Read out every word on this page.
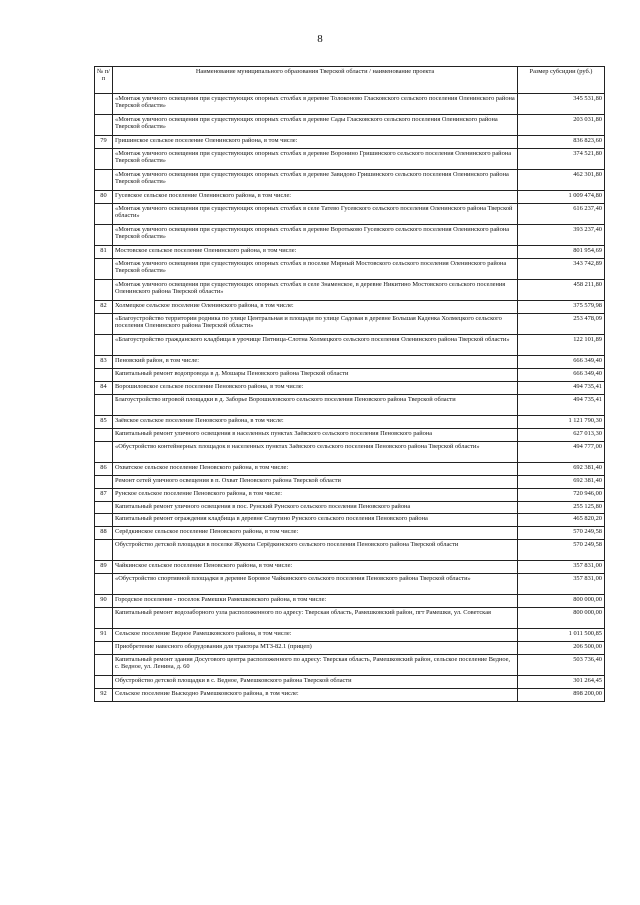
8
№ п/п	Наименование муниципального образования Тверской области / наименование проекта	Размер субсидии (руб.)
	«Монтаж уличного освещения при существующих опорных столбах в деревне Толоконово Гласковского сельского поселения Оленинского района Тверской области»	345 531,80
	«Монтаж уличного освещения при существующих опорных столбах в деревне Сады Гласковского сельского поселения Оленинского района Тверской области»	203 031,80
79	Гришинское сельское поселение Оленинского района, в том числе:	836 823,60
	«Монтаж уличного освещения при существующих опорных столбах в деревне Воронино Гришинского сельского поселения Оленинского района Тверской области»	374 521,80
	«Монтаж уличного освещения при существующих опорных столбах в деревне Завидово Гришинского сельского поселения Оленинского района Тверской области»	462 301,80
80	Гусевское сельское поселение Оленинского района, в том числе:	1 009 474,80
	«Монтаж уличного освещения при существующих опорных столбах в селе Татево Гусевского сельского поселения Оленинского района Тверской области»	616 237,40
	«Монтаж уличного освещения при существующих опорных столбах в деревне Воротьково Гусевского сельского поселения Оленинского района Тверской области»	393 237,40
81	Мостовское сельское поселение Оленинского района, в том числе:	801 954,69
	«Монтаж уличного освещения при существующих опорных столбах в поселке Мирный Мостовского сельского поселения Оленинского района Тверской области»	343 742,89
	«Монтаж уличного освещения при существующих опорных столбах в селе Знаменское, в деревне Никитино Мостовского сельского поселения Оленинского района Тверской области»	458 211,80
82	Холмецкое сельское поселение Оленинского района, в том числе:	375 579,98
	«Благоустройство территории родника по улице Центральная и площади по улице Садовая в деревне Большая Каденка Холмецкого сельского поселения Оленинского района Тверской области»	253 478,09
	«Благоустройство гражданского кладбища в урочище Пятница-Слотна Холмецкого сельского поселения Оленинского района Тверской области»	122 101,89
83	Пеновский район, в том числе:	666 349,40
	Капитальный ремонт водопровода в д. Мошары Пеновского района Тверской области	666 349,40
84	Ворошиловское сельское поселение Пеновского района, в том числе:	494 735,41
	Благоустройство игровой площадки в д. Заборье Ворошиловского сельского поселения Пеновского района Тверской области	494 735,41
85	Заёвское сельское поселение Пеновского района, в том числе:	1 121 790,30
	Капитальный ремонт уличного освещения в населенных пунктах Заёвского сельского поселения Пеновского района	627 013,30
	«Обустройство контейнерных площадок в населенных пунктах Заёвского сельского поселения Пеновского района Тверской области»	494 777,00
86	Охватское сельское поселение Пеновского района, в том числе:	692 381,40
	Ремонт сетей уличного освещения в п. Охват Пеновского района Тверской области	692 381,40
87	Рунское сельское поселение Пеновского района, в том числе:	720 946,00
	Капитальный ремонт уличного освещения в пос. Рунский Рунского сельского поселения Пеновского района	255 125,80
	Капитальный ремонт ограждения кладбища в деревне Слаутино Рунского сельского поселения Пеновского района	465 820,20
88	Серёдкинское сельское поселение Пеновского района, в том числе:	570 249,58
	Обустройство детской площадки в поселке Жукопа Серёдкинского сельского поселения Пеновского района Тверской области	570 249,58
89	Чайкинское сельское поселение Пеновского района, в том числе:	357 831,00
	«Обустройство спортивной площадки в деревне Боровое Чайкинского сельского поселения Пеновского района Тверской области»	357 831,00
90	Городское поселение - поселок Рамешки Рамешковского района, в том числе:	800 000,00
	Капитальный ремонт водозаборного узла расположенного по адресу: Тверская область, Рамешковский район, пгт Рамешки, ул. Советская	800 000,00
91	Сельское поселение Ведное Рамешковского района, в том числе:	1 011 500,85
	Приобретение навесного оборудования для трактора МТЗ-82.1 (прицеп)	206 500,00
	Капитальный ремонт здания Досугового центра расположенного по адресу: Тверская область, Рамешковский район, сельское поселение Ведное, с. Ведное, ул. Ленина, д. 60	503 736,40
	Обустройство детской площадки в с. Ведное, Рамешковского района Тверской области	301 264,45
92	Сельское поселение Выскодно Рамешковского района, в том числе:	898 200,00
